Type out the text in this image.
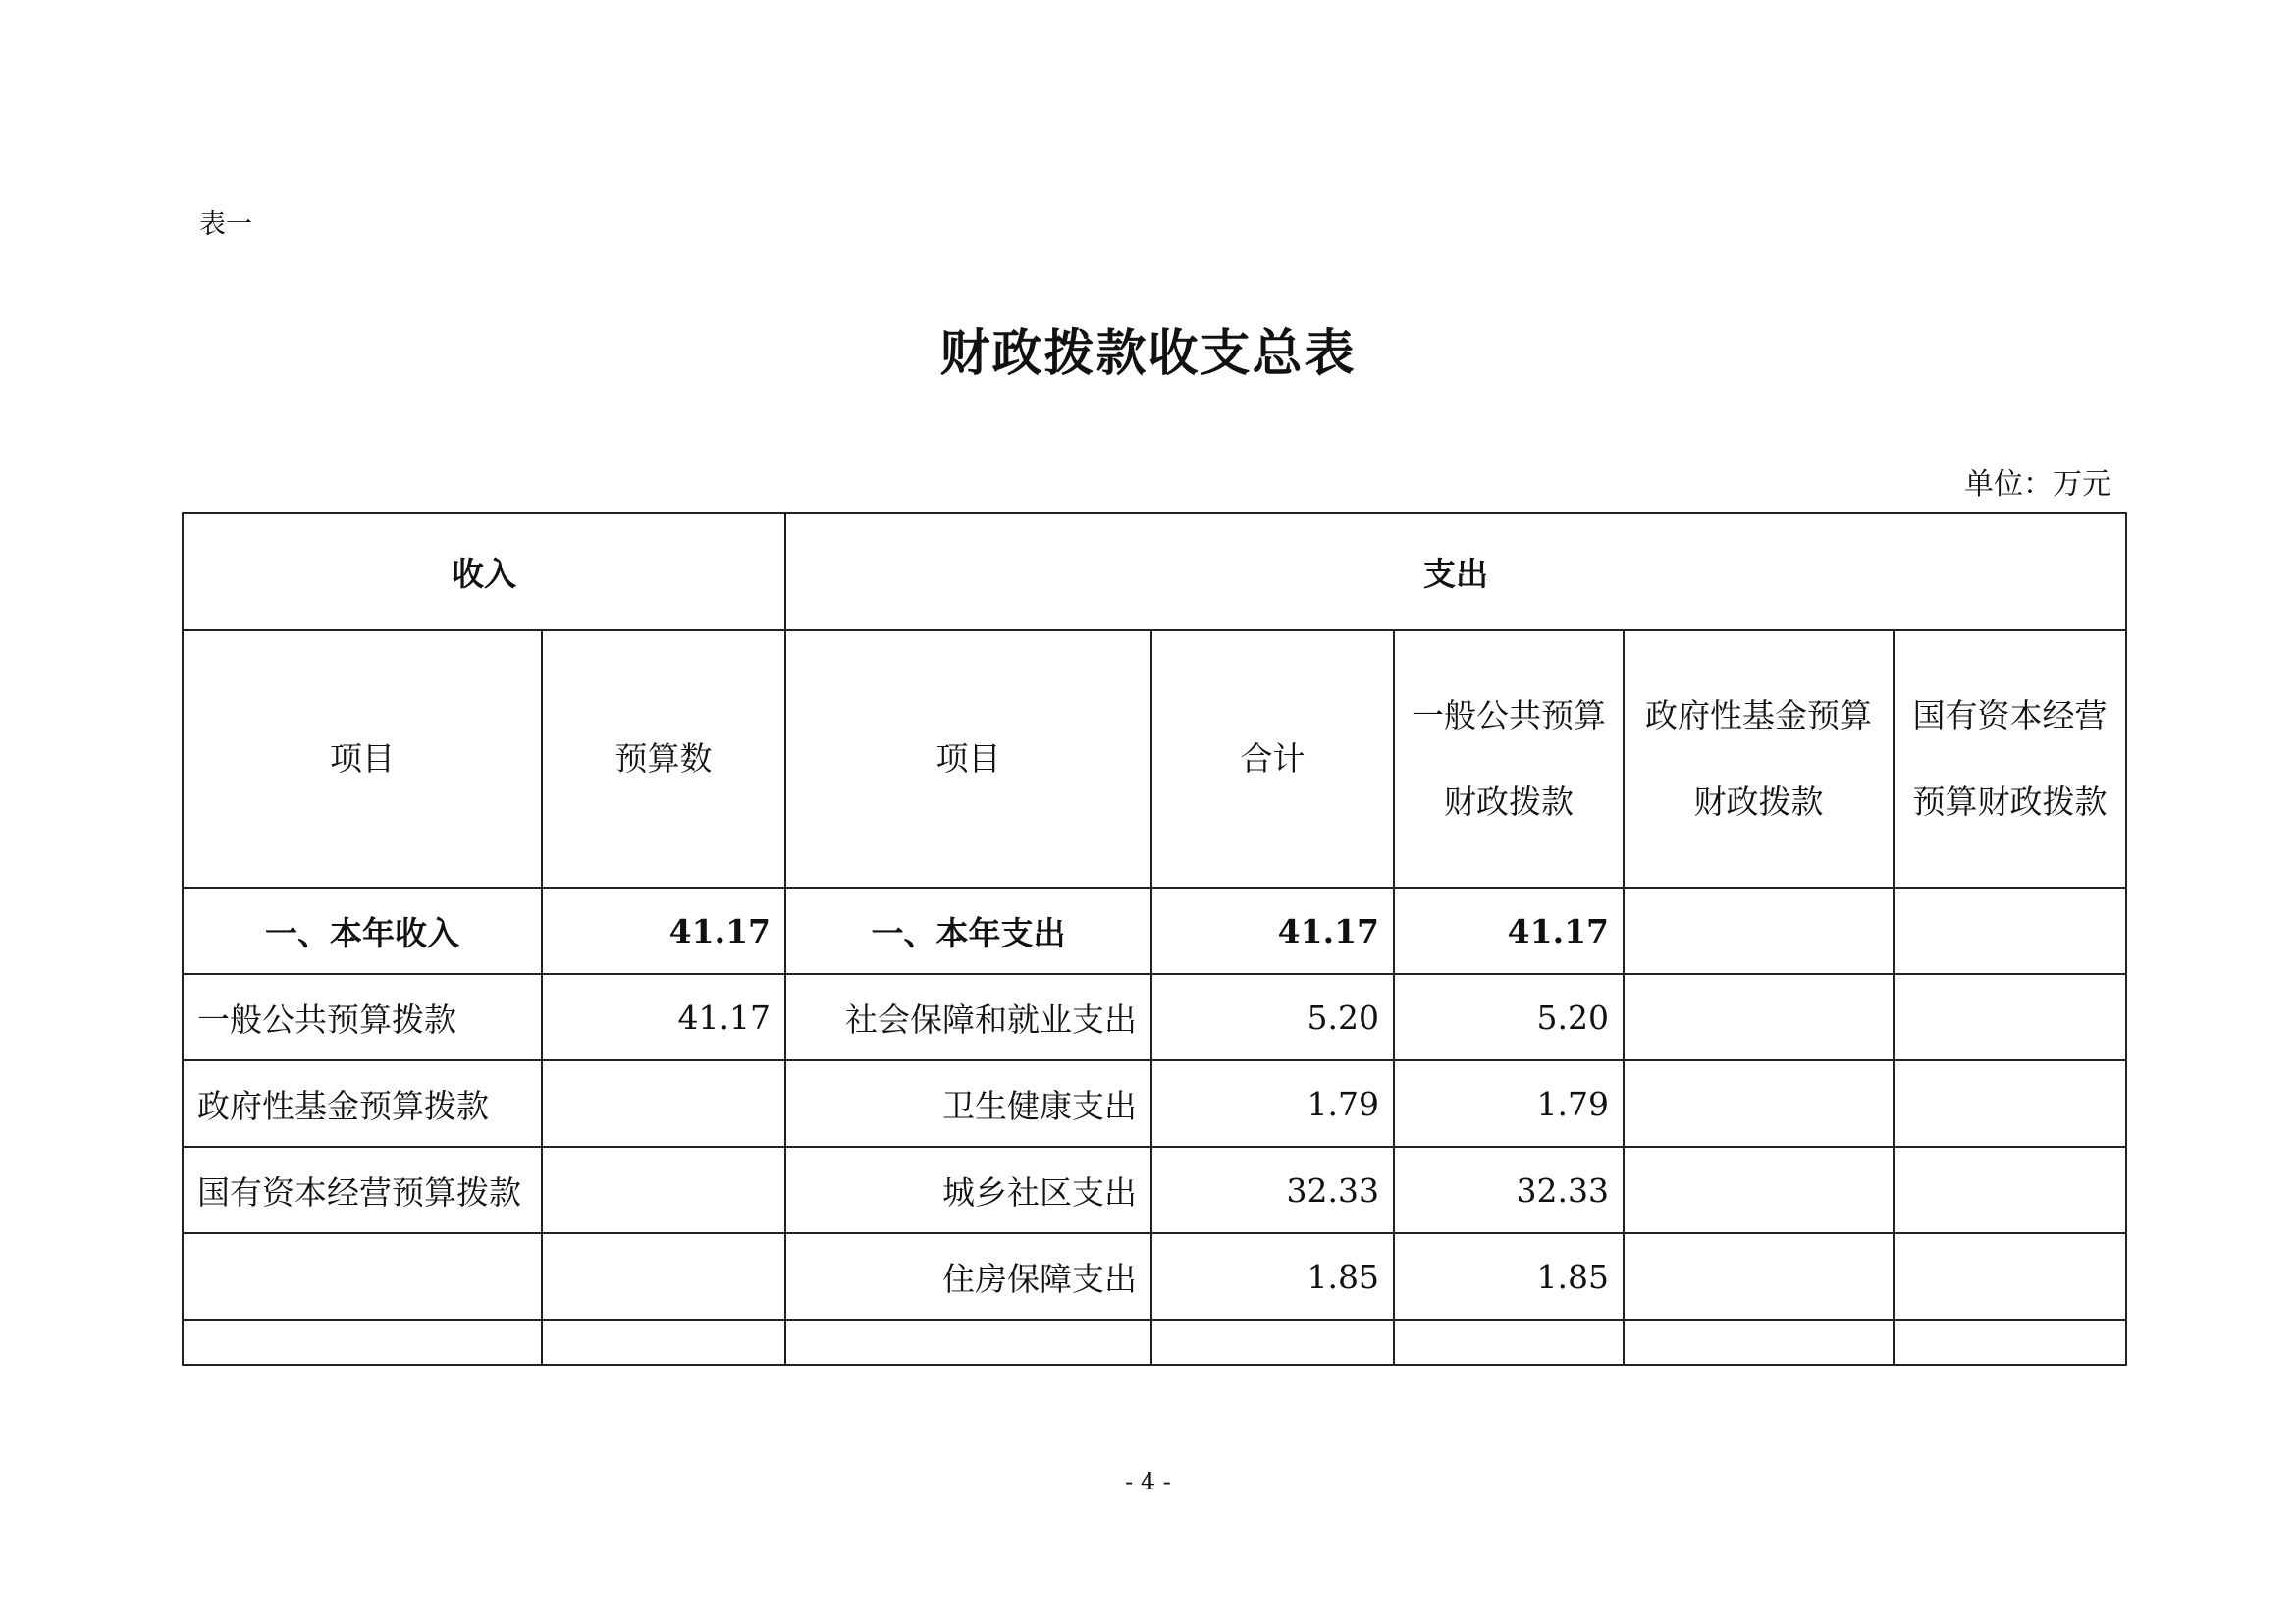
表一
财政拨款收支总表
单位：万元
收入		支出				
项目	预算数	项目	合计	一般公共预算财政拨款	政府性基金预算财政拨款	国有资本经营预算财政拨款
一、本年收入	41.17	一、本年支出	41.17	41.17		
一般公共预算拨款	41.17	社会保障和就业支出	5.20	5.20		
政府性基金预算拨款		卫生健康支出	1.79	1.79		
国有资本经营预算拨款		城乡社区支出	32.33	32.33		
		住房保障支出	1.85	1.85		

- 4 -
